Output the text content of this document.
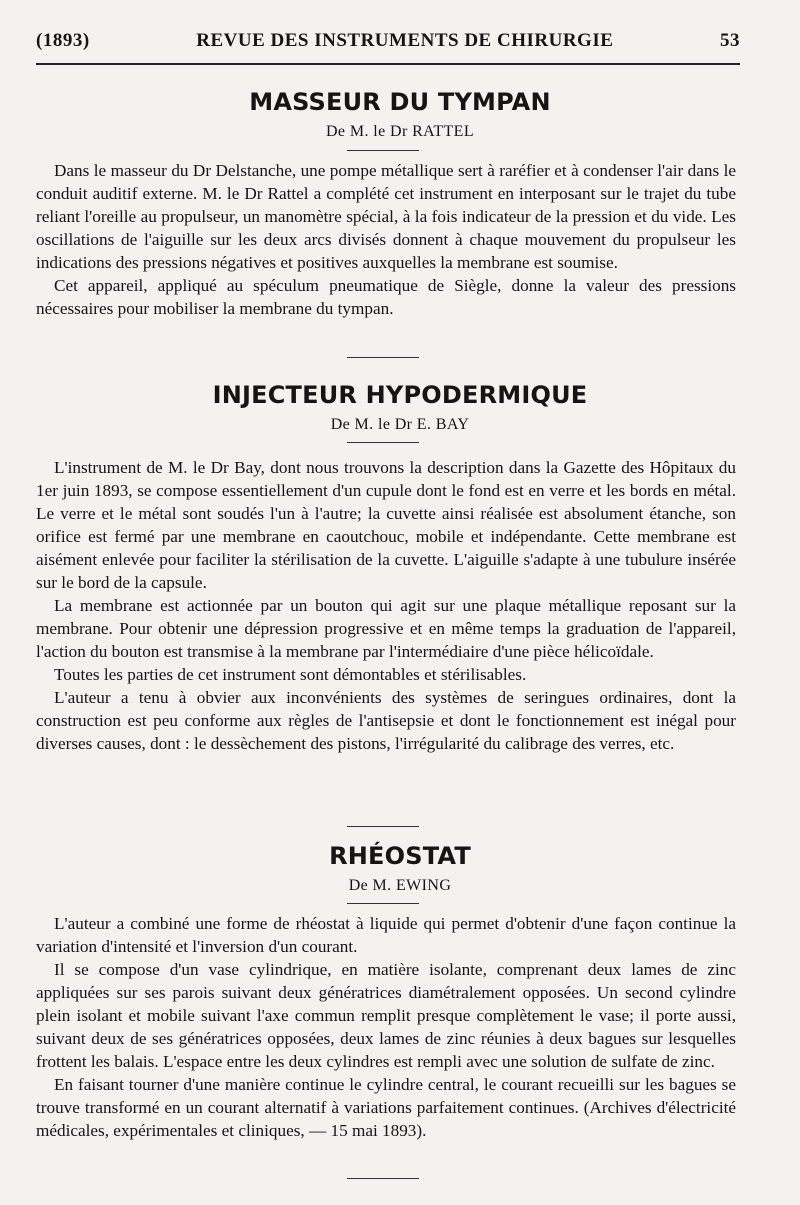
(1893)	REVUE DES INSTRUMENTS DE CHIRURGIE	53
MASSEUR DU TYMPAN
De M. le Dr RATTEL

Dans le masseur du Dr Delstanche, une pompe métallique sert à raréfier et à condenser l'air dans le conduit auditif externe. M. le Dr Rattel a complété cet instrument en interposant sur le trajet du tube reliant l'oreille au propulseur, un manomètre spécial, à la fois indicateur de la pression et du vide. Les oscillations de l'aiguille sur les deux arcs divisés donnent à chaque mouvement du propulseur les indications des pressions négatives et positives auxquelles la membrane est soumise.

Cet appareil, appliqué au spéculum pneumatique de Siègle, donne la valeur des pressions nécessaires pour mobiliser la membrane du tympan.

INJECTEUR HYPODERMIQUE
De M. le Dr E. BAY

L'instrument de M. le Dr Bay, dont nous trouvons la description dans la Gazette des Hôpitaux du 1er juin 1893, se compose essentiellement d'un cupule dont le fond est en verre et les bords en métal. Le verre et le métal sont soudés l'un à l'autre; la cuvette ainsi réalisée est absolument étanche, son orifice est fermé par une membrane en caoutchouc, mobile et indépendante. Cette membrane est aisément enlevée pour faciliter la stérilisation de la cuvette. L'aiguille s'adapte à une tubulure insérée sur le bord de la capsule.

La membrane est actionnée par un bouton qui agit sur une plaque métallique reposant sur la membrane. Pour obtenir une dépression progressive et en même temps la graduation de l'appareil, l'action du bouton est transmise à la membrane par l'intermédiaire d'une pièce hélicoïdale.

Toutes les parties de cet instrument sont démontables et stérilisables.

L'auteur a tenu à obvier aux inconvénients des systèmes de seringues ordinaires, dont la construction est peu conforme aux règles de l'antisepsie et dont le fonctionnement est inégal pour diverses causes, dont : le dessèchement des pistons, l'irrégularité du calibrage des verres, etc.

RHÉOSTAT
De M. EWING

L'auteur a combiné une forme de rhéostat à liquide qui permet d'obtenir d'une façon continue la variation d'intensité et l'inversion d'un courant.

Il se compose d'un vase cylindrique, en matière isolante, comprenant deux lames de zinc appliquées sur ses parois suivant deux génératrices diamétralement opposées. Un second cylindre plein isolant et mobile suivant l'axe commun remplit presque complètement le vase; il porte aussi, suivant deux de ses génératrices opposées, deux lames de zinc réunies à deux bagues sur lesquelles frottent les balais. L'espace entre les deux cylindres est rempli avec une solution de sulfate de zinc.

En faisant tourner d'une manière continue le cylindre central, le courant recueilli sur les bagues se trouve transformé en un courant alternatif à variations parfaitement continues. (Archives d'électricité médicales, expérimentales et cliniques, — 15 mai 1893).
